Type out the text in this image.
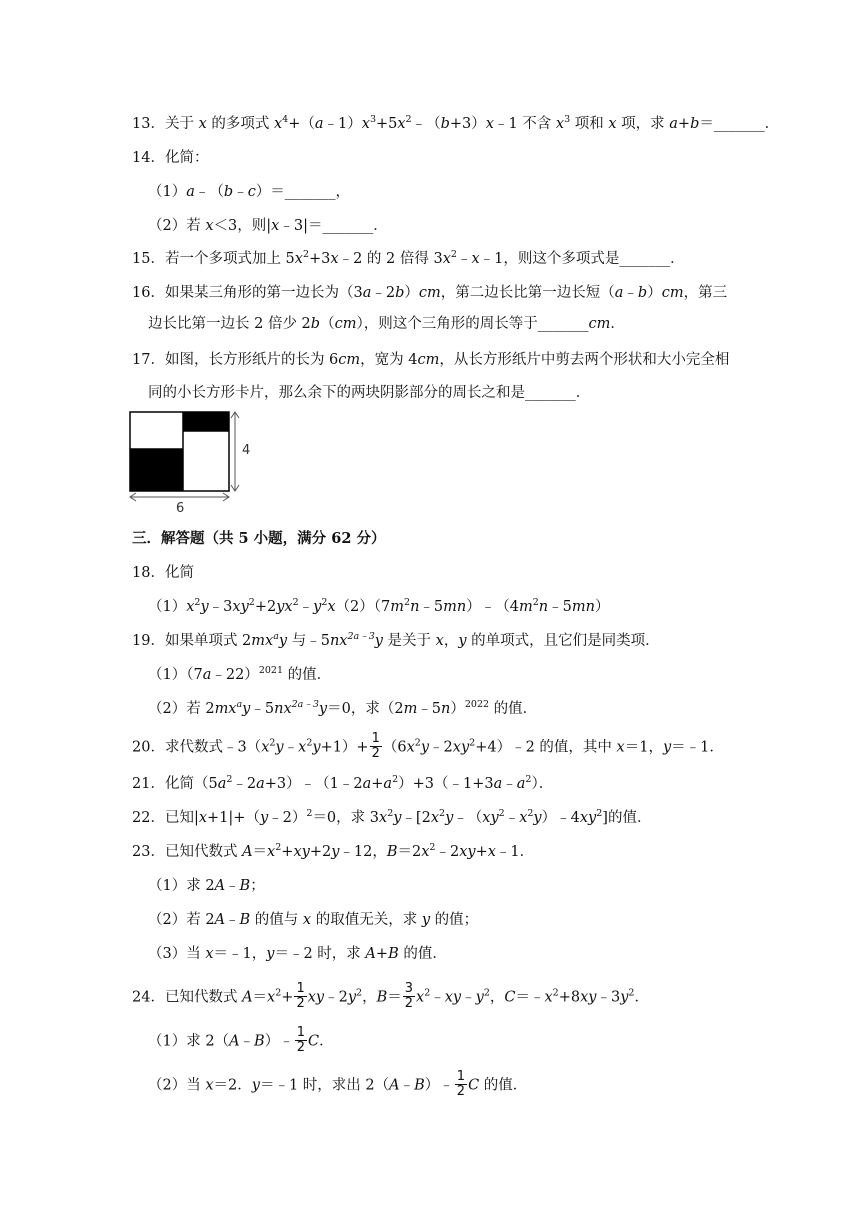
13．关于 x 的多项式 $x^4+(a﹣1)x^3+5x^2﹣(b+3)x﹣1$ 不含 $x^3$ 项和 x 项，求 a+b＝_______．
14．化简：
（1）a﹣（b﹣c）＝_______，
（2）若 x＜3，则|x﹣3|＝_______．
15．若一个多项式加上 $5x^2+3x﹣2$ 的 2 倍得 $3x^2﹣x﹣1$，则这个多项式是_______．
16．如果某三角形的第一边长为（3a﹣2b）cm，第二边长比第一边长短（a﹣b）cm，第三
边长比第一边长 2 倍少 2b（cm），则这个三角形的周长等于_______cm．
17．如图，长方形纸片的长为 6cm，宽为 4cm，从长方形纸片中剪去两个形状和大小完全相
同的小长方形卡片，那么余下的两块阴影部分的周长之和是_______．
三．解答题（共 5 小题，满分 62 分）
18．化简
$(1)x^2y﹣3xy^2+2yx^2﹣y^2x(2)(7m^2n﹣5mn)﹣(4m^2n﹣5mn)$
19．如果单项式 $2mx^ay$ 与$﹣5nx^{2a﹣3}y$ 是关于 x，y 的单项式，且它们是同类项．
（1）（7a﹣22）$^{2021}$ 的值．
（2）若 $2mx^ay﹣5nx^{2a﹣3}y=0$，求（2m﹣5n）$^{2022}$ 的值．
20．求代数式$﹣3(x^2y﹣x^2y+1)+ \frac{1}{2}$ $(6x^2y﹣2xy^2+4)﹣2$ 的值，其中 x＝1，y＝﹣1．
21．化简$(5a^2﹣2a+3)﹣(1﹣2a+a^2)+3(﹣1+3a﹣a^2)$．
22．已知|x+1|+（y﹣2）$^2$＝0，求 $3x^2y﹣[2x^2y﹣(xy^2﹣x^2y)﹣4xy^2]$的值．
23．已知代数式 $A=x^2+xy+2y﹣12$，$B=2x^2﹣2xy+x﹣1$．
（1）求 2A﹣B；
（2）若 2A﹣B 的值与 x 的取值无关，求 y 的值；
（3）当 x＝﹣1，y＝﹣2 时，求 A+B 的值．
24．已知代数式 $A=x^2+ \frac{1}{2}$ $xy﹣2y^2$，$B= \frac{3}{2}$ $x^2﹣xy﹣y^2$，$C=﹣x^2+8xy﹣3y^2$．
（1）求 2（A﹣B）﹣ $\frac{1}{2}$ C．
（2）当 x＝2．y＝﹣1 时，求出 2（A﹣B）﹣ $\frac{1}{2}$ C 的值．
4
6
